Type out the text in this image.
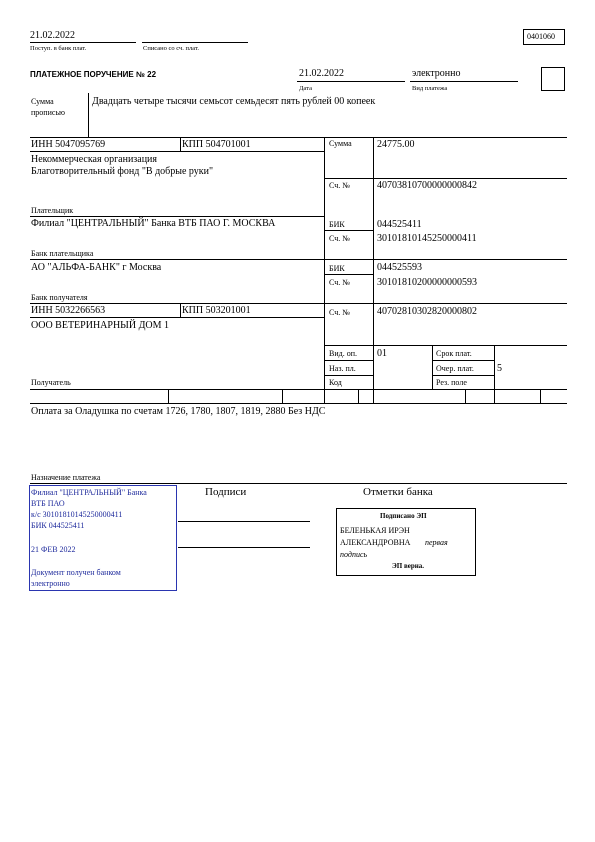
21.02.2022
Поступ. в банк плат.	Списано со сч. плат.
0401060
ПЛАТЕЖНОЕ ПОРУЧЕНИЕ № 22	21.02.2022
Дата
электронно
Вид платежа
Сумма
прописью
Двадцать четыре тысячи семьсот семьдесят пять рублей 00 копеек
ИНН 5047095769	КПП 504701001
Некоммерческая организация
Благотворительный фонд "В добрые руки"
Плательщик
Сумма	24775.00
Сч. №	40703810700000000842
Филиал "ЦЕНТРАЛЬНЫЙ" Банка ВТБ ПАО Г. МОСКВА
Банк плательщика
БИК	044525411
Сч. №	30101810145250000411
АО "АЛЬФА-БАНК" г Москва
Банк получателя
БИК	044525593
Сч. №	30101810200000000593
ИНН 5032266563	КПП 503201001
ООО ВЕТЕРИНАРНЫЙ ДОМ 1
Получатель
Сч. №	40702810302820000802
Вид. оп. 01
Наз. пл.
Код
Срок плат.
Очер. плат. 5
Рез. поле
Оплата за Оладушка по счетам 1726, 1780, 1807, 1819, 2880 Без НДС
Назначение платежа
Филиал "ЦЕНТРАЛЬНЫЙ" Банка
ВТБ ПАО
к/с 30101810145250000411
БИК 044525411
21 ФЕВ 2022
Документ получен банком
электронно
Подписи	Отметки банка
Подписано ЭП
БЕЛЕНЬКАЯ ИРЭН
АЛЕКСАНДРОВНА первая
подпись
ЭП верна.
